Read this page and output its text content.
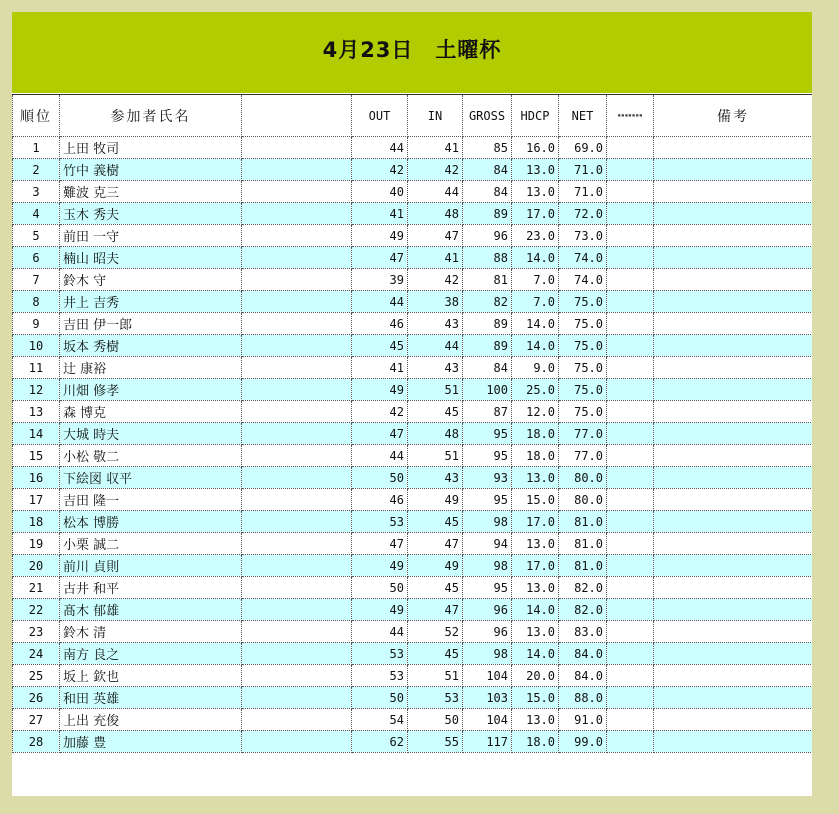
4月23日　土曜杯
順位	参加者氏名		OUT	IN	GROSS	HDCP	NET	▪▪▪▪▪▪▪	備考
1	上田 牧司		44	41	85	16.0	69.0		
2	竹中 義樹		42	42	84	13.0	71.0		
3	難波 克三		40	44	84	13.0	71.0		
4	玉木 秀夫		41	48	89	17.0	72.0		
5	前田 一守		49	47	96	23.0	73.0		
6	楠山 昭夫		47	41	88	14.0	74.0		
7	鈴木 守		39	42	81	7.0	74.0		
8	井上 吉秀		44	38	82	7.0	75.0		
9	吉田 伊一郎		46	43	89	14.0	75.0		
10	坂本 秀樹		45	44	89	14.0	75.0		
11	辻 康裕		41	43	84	9.0	75.0		
12	川畑 修孝		49	51	100	25.0	75.0		
13	森 博克		42	45	87	12.0	75.0		
14	大城 時夫		47	48	95	18.0	77.0		
15	小松 敬二		44	51	95	18.0	77.0		
16	下絵図 収平		50	43	93	13.0	80.0		
17	吉田 隆一		46	49	95	15.0	80.0		
18	松本 博勝		53	45	98	17.0	81.0		
19	小栗 誠二		47	47	94	13.0	81.0		
20	前川 貞則		49	49	98	17.0	81.0		
21	古井 和平		50	45	95	13.0	82.0		
22	髙木 郁雄		49	47	96	14.0	82.0		
23	鈴木 清		44	52	96	13.0	83.0		
24	南方 良之		53	45	98	14.0	84.0		
25	坂上 欽也		53	51	104	20.0	84.0		
26	和田 英雄		50	53	103	15.0	88.0		
27	上出 充俊		54	50	104	13.0	91.0		
28	加藤 豊		62	55	117	18.0	99.0		
